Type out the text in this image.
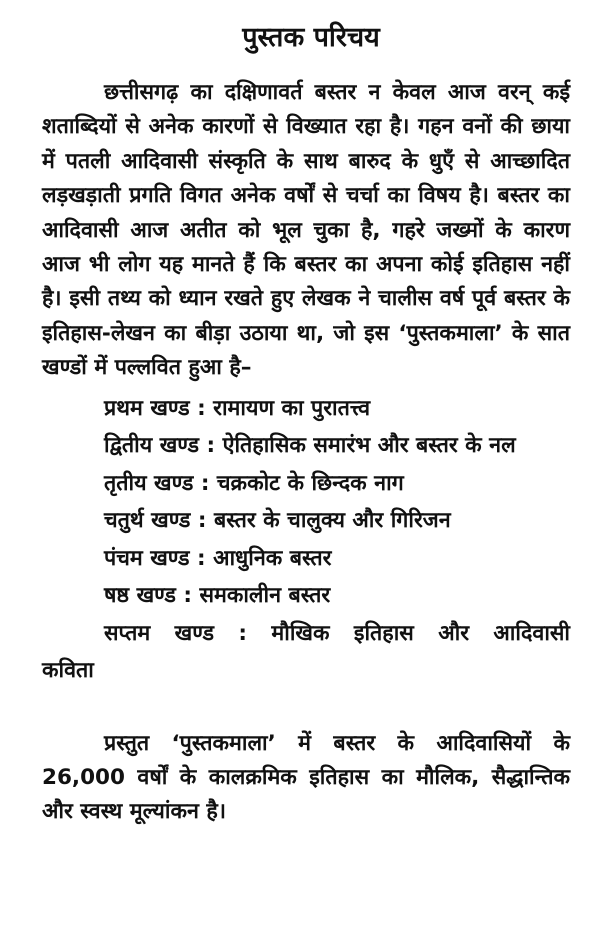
पुस्तक परिचय

छत्तीसगढ़ का दक्षिणावर्त बस्तर न केवल आज वरन् कई शताब्दियों से अनेक कारणों से विख्यात रहा है। गहन वनों की छाया में पतली आदिवासी संस्कृति के साथ बारुद के धुएँ से आच्छादित लड़खड़ाती प्रगति विगत अनेक वर्षों से चर्चा का विषय है। बस्तर का आदिवासी आज अतीत को भूल चुका है, गहरे जख्मों के कारण आज भी लोग यह मानते हैं कि बस्तर का अपना कोई इतिहास नहीं है। इसी तथ्य को ध्यान रखते हुए लेखक ने चालीस वर्ष पूर्व बस्तर के इतिहास-लेखन का बीड़ा उठाया था, जो इस ‘पुस्तकमाला’ के सात खण्डों में पल्लवित हुआ है–

प्रथम खण्ड : रामायण का पुरातत्त्व
द्वितीय खण्ड : ऐतिहासिक समारंभ और बस्तर के नल
तृतीय खण्ड : चक्रकोट के छिन्दक नाग
चतुर्थ खण्ड : बस्तर के चालुक्य और गिरिजन
पंचम खण्ड : आधुनिक बस्तर
षष्ठ खण्ड : समकालीन बस्तर
सप्तम खण्ड : मौखिक इतिहास और आदिवासी
कविता

प्रस्तुत ‘पुस्तकमाला’ में बस्तर के आदिवासियों के 26,000 वर्षों के कालक्रमिक इतिहास का मौलिक, सैद्धान्तिक और स्वस्थ मूल्यांकन है।
